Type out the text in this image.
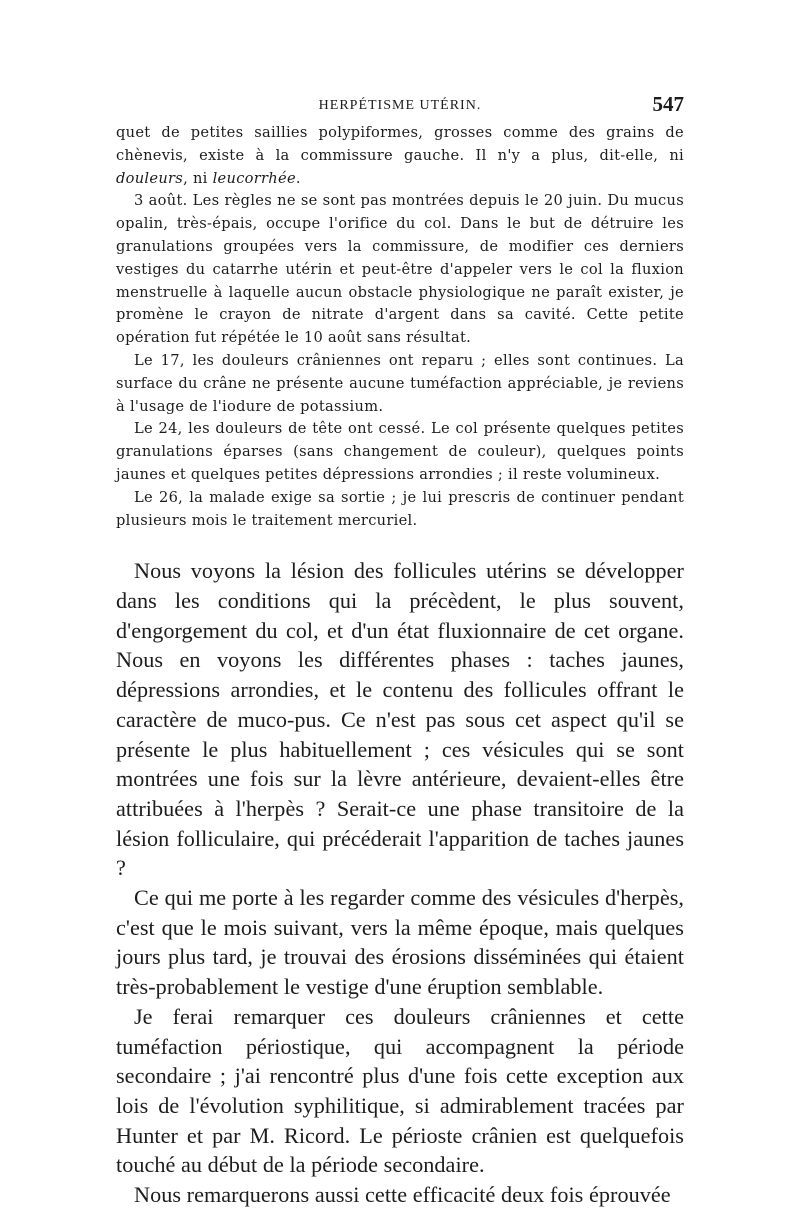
HERPÉTISME UTÉRIN.	547

quet de petites saillies polypiformes, grosses comme des grains de chènevis, existe à la commissure gauche. Il n'y a plus, dit-elle, ni douleurs, ni leucorrhée.

3 août. Les règles ne se sont pas montrées depuis le 20 juin. Du mucus opalin, très-épais, occupe l'orifice du col. Dans le but de détruire les granulations groupées vers la commissure, de modifier ces derniers vestiges du catarrhe utérin et peut-être d'appeler vers le col la fluxion menstruelle à laquelle aucun obstacle physiologique ne paraît exister, je promène le crayon de nitrate d'argent dans sa cavité. Cette petite opération fut répétée le 10 août sans résultat.

Le 17, les douleurs crâniennes ont reparu ; elles sont continues. La surface du crâne ne présente aucune tuméfaction appréciable, je reviens à l'usage de l'iodure de potassium.

Le 24, les douleurs de tête ont cessé. Le col présente quelques petites granulations éparses (sans changement de couleur), quelques points jaunes et quelques petites dépressions arrondies ; il reste volumineux.

Le 26, la malade exige sa sortie ; je lui prescris de continuer pendant plusieurs mois le traitement mercuriel.

Nous voyons la lésion des follicules utérins se développer dans les conditions qui la précèdent, le plus souvent, d'engorgement du col, et d'un état fluxionnaire de cet organe. Nous en voyons les différentes phases : taches jaunes, dépressions arrondies, et le contenu des follicules offrant le caractère de muco-pus. Ce n'est pas sous cet aspect qu'il se présente le plus habituellement ; ces vésicules qui se sont montrées une fois sur la lèvre antérieure, devaient-elles être attribuées à l'herpès ? Serait-ce une phase transitoire de la lésion folliculaire, qui précéderait l'apparition de taches jaunes ?

Ce qui me porte à les regarder comme des vésicules d'herpès, c'est que le mois suivant, vers la même époque, mais quelques jours plus tard, je trouvai des érosions disséminées qui étaient très-probablement le vestige d'une éruption semblable.

Je ferai remarquer ces douleurs crâniennes et cette tuméfaction périostique, qui accompagnent la période secondaire ; j'ai rencontré plus d'une fois cette exception aux lois de l'évolution syphilitique, si admirablement tracées par Hunter et par M. Ricord. Le périoste crânien est quelquefois touché au début de la période secondaire.

Nous remarquerons aussi cette efficacité deux fois éprouvée
